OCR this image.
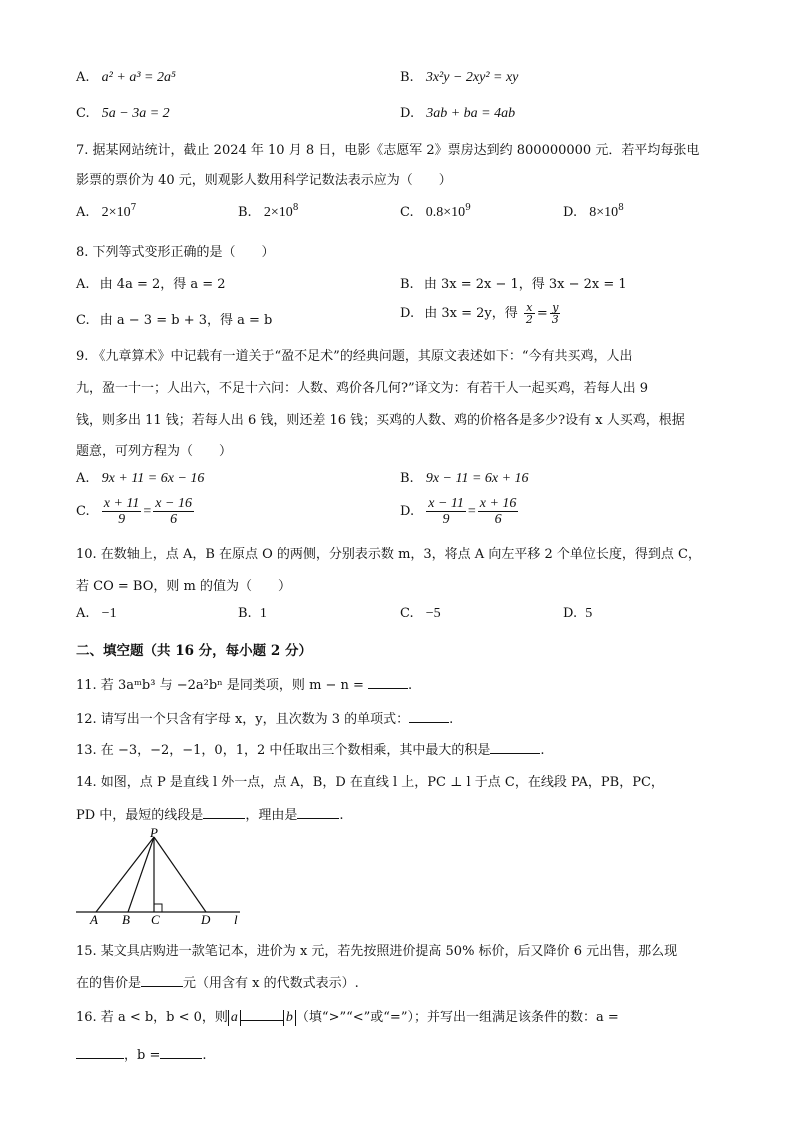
A. a² + a³ = 2a⁵	B. 3x²y − 2xy² = xy
C. 5a − 3a = 2	D. 3ab + ba = 4ab
7. 据某网站统计，截止 2024 年 10 月 8 日，电影《志愿军 2》票房达到约 800000000 元．若平均每张电
影票的票价为 40 元，则观影人数用科学记数法表示应为（　　）
A. $2\times 10^7$	B. $2\times 10^8$	C. $0.8\times 10^9$	D. $8\times 10^8$
8. 下列等式变形正确的是（　　）
A. 由 4a = 2，得 a = 2	B. 由 3x = 2x − 1，得 3x − 2x = 1
C. 由 a − 3 = b + 3，得 a = b	D. 由 3x = 2y，得 $\frac{x}{2} = \frac{y}{3}$
9. 《九章算术》中记载有一道关于“盈不足术”的经典问题，其原文表述如下：“今有共买鸡，人出
九，盈一十一；人出六，不足十六问：人数、鸡价各几何?”译文为：有若干人一起买鸡，若每人出 9
钱，则多出 11 钱；若每人出 6 钱，则还差 16 钱；买鸡的人数、鸡的价格各是多少?设有 x 人买鸡，根据
题意，可列方程为（　　）
A. 9x + 11 = 6x − 16	B. 9x − 11 = 6x + 16
C. $\frac{x + 11}{9} = \frac{x - 16}{6}$	D. $\frac{x - 11}{9} = \frac{x + 16}{6}$
10. 在数轴上，点 A，B 在原点 O 的两侧，分别表示数 m，3，将点 A 向左平移 2 个单位长度，得到点 C，
若 CO = BO，则 m 的值为（　　）
A. −1	B. 1	C. −5	D. 5
二、填空题（共 16 分，每小题 2 分）
11. 若 3aᵐb³ 与 −2a²bⁿ 是同类项，则 m − n =	.
12. 请写出一个只含有字母 x，y，且次数为 3 的单项式：	.
13. 在 −3，−2，−1，0，1，2 中任取出三个数相乘，其中最大的积是	.
14. 如图，点 P 是直线 l 外一点，点 A，B，D 在直线 l 上，PC ⊥ l 于点 C，在线段 PA，PB，PC，
PD 中，最短的线段是	，理由是	.
P
A B C	D l
15. 某文具店购进一款笔记本，进价为 x 元，若先按照进价提高 50% 标价，后又降价 6 元出售，那么现
在的售价是	元（用含有 x 的代数式表示）.
16. 若 a < b，b < 0，则 a	b （填“>”“<”或“=”）；并写出一组满足该条件的数：a =
，b =	.
